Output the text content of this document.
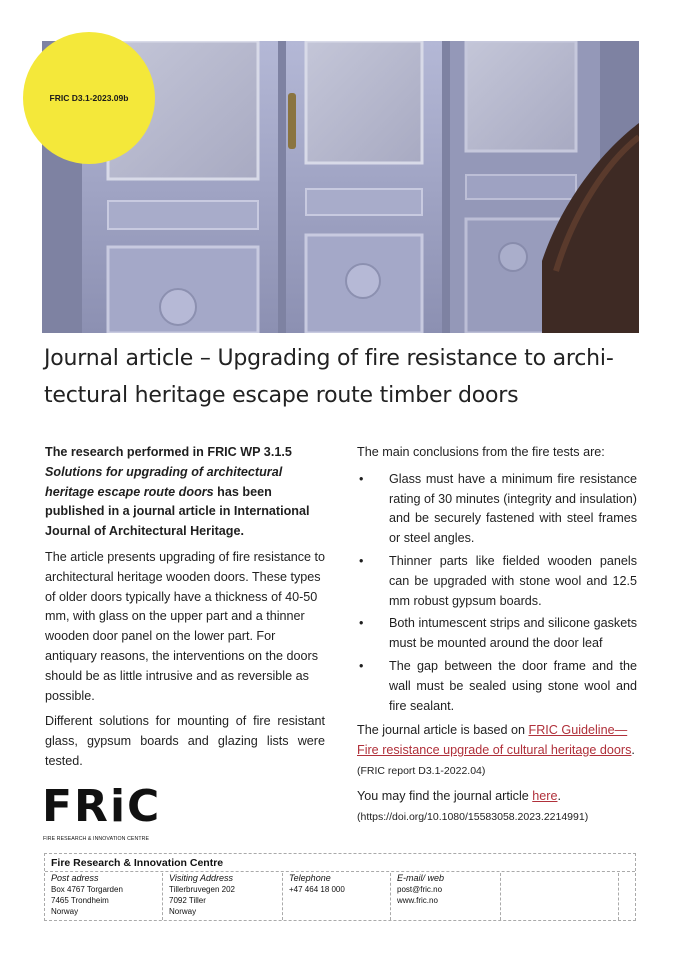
FRIC D3.1-2023.09b
Journal article – Upgrading of fire resistance to archi-
tectural heritage escape route timber doors

The research performed in FRIC WP 3.1.5 Solutions for upgrading of architectural heritage escape route doors has been published in a journal article in International Journal of Architectural Heritage.

The article presents upgrading of fire resistance to architectural heritage wooden doors. These types of older doors typically have a thickness of 40-50 mm, with glass on the upper part and a thinner wooden door panel on the lower part. For antiquary reasons, the interventions on the doors should be as little intrusive and as reversible as possible.

Different solutions for mounting of fire resistant glass, gypsum boards and glazing lists were tested.

The main conclusions from the fire tests are:
• Glass must have a minimum fire resistance rating of 30 minutes (integrity and insulation) and be securely fastened with steel frames or steel angles.
• Thinner parts like fielded wooden panels can be upgraded with stone wool and 12.5 mm robust gypsum boards.
• Both intumescent strips and silicone gaskets must be mounted around the door leaf
• The gap between the door frame and the wall must be sealed using stone wool and fire sealant.

The journal article is based on FRIC Guideline—Fire resistance upgrade of cultural heritage doors.
(FRIC report D3.1-2022.04)

You may find the journal article here.
(https://doi.org/10.1080/15583058.2023.2214991)

FRiC
FIRE RESEARCH & INNOVATION CENTRE
Fire Research & Innovation Centre
Post adress
Box 4767 Torgarden
7465 Trondheim
Norway
Visiting Address
Tillerbruvegen 202
7092 Tiller
Norway
Telephone
+47 464 18 000
E-mail/ web
post@fric.no
www.fric.no
